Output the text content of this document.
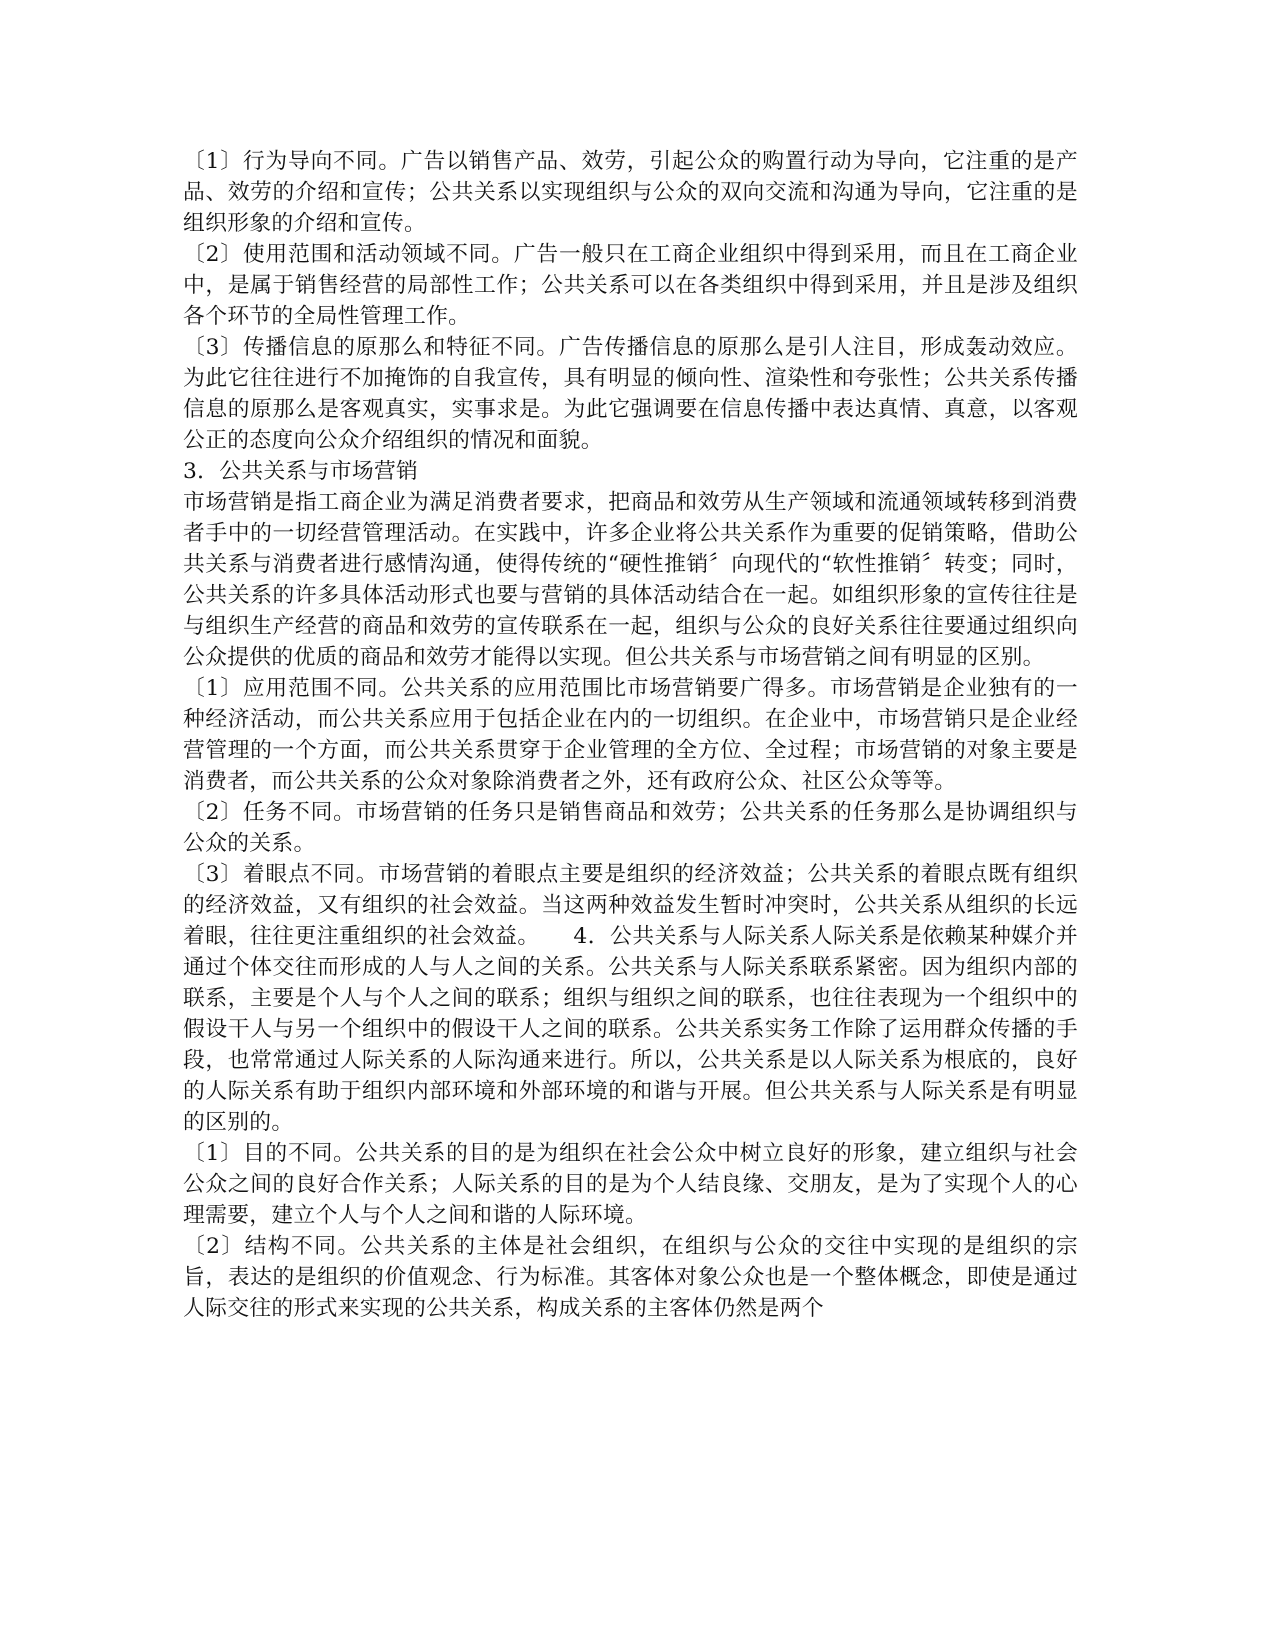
〔1〕行为导向不同。广告以销售产品、效劳，引起公众的购置行动为导向，它注重的是产品、效劳的介绍和宣传；公共关系以实现组织与公众的双向交流和沟通为导向，它注重的是组织形象的介绍和宣传。

〔2〕使用范围和活动领域不同。广告一般只在工商企业组织中得到采用，而且在工商企业中，是属于销售经营的局部性工作；公共关系可以在各类组织中得到采用，并且是涉及组织各个环节的全局性管理工作。

〔3〕传播信息的原那么和特征不同。广告传播信息的原那么是引人注目，形成轰动效应。为此它往往进行不加掩饰的自我宣传，具有明显的倾向性、渲染性和夸张性；公共关系传播信息的原那么是客观真实，实事求是。为此它强调要在信息传播中表达真情、真意，以客观公正的态度向公众介绍组织的情况和面貌。

3．公共关系与市场营销

市场营销是指工商企业为满足消费者要求，把商品和效劳从生产领域和流通领域转移到消费者手中的一切经营管理活动。在实践中，许多企业将公共关系作为重要的促销策略，借助公共关系与消费者进行感情沟通，使得传统的“硬性推销〞向现代的“软性推销〞转变；同时，公共关系的许多具体活动形式也要与营销的具体活动结合在一起。如组织形象的宣传往往是与组织生产经营的商品和效劳的宣传联系在一起，组织与公众的良好关系往往要通过组织向公众提供的优质的商品和效劳才能得以实现。但公共关系与市场营销之间有明显的区别。

〔1〕应用范围不同。公共关系的应用范围比市场营销要广得多。市场营销是企业独有的一种经济活动，而公共关系应用于包括企业在内的一切组织。在企业中，市场营销只是企业经营管理的一个方面，而公共关系贯穿于企业管理的全方位、全过程；市场营销的对象主要是消费者，而公共关系的公众对象除消费者之外，还有政府公众、社区公众等等。

〔2〕任务不同。市场营销的任务只是销售商品和效劳；公共关系的任务那么是协调组织与公众的关系。

〔3〕着眼点不同。市场营销的着眼点主要是组织的经济效益；公共关系的着眼点既有组织的经济效益，又有组织的社会效益。当这两种效益发生暂时冲突时，公共关系从组织的长远着眼，往往更注重组织的社会效益。　　4．公共关系与人际关系人际关系是依赖某种媒介并通过个体交往而形成的人与人之间的关系。公共关系与人际关系联系紧密。因为组织内部的联系，主要是个人与个人之间的联系；组织与组织之间的联系，也往往表现为一个组织中的假设干人与另一个组织中的假设干人之间的联系。公共关系实务工作除了运用群众传播的手段，也常常通过人际关系的人际沟通来进行。所以，公共关系是以人际关系为根底的，良好的人际关系有助于组织内部环境和外部环境的和谐与开展。但公共关系与人际关系是有明显的区别的。

〔1〕目的不同。公共关系的目的是为组织在社会公众中树立良好的形象，建立组织与社会公众之间的良好合作关系；人际关系的目的是为个人结良缘、交朋友，是为了实现个人的心理需要，建立个人与个人之间和谐的人际环境。

〔2〕结构不同。公共关系的主体是社会组织，在组织与公众的交往中实现的是组织的宗旨，表达的是组织的价值观念、行为标准。其客体对象公众也是一个整体概念，即使是通过人际交往的形式来实现的公共关系，构成关系的主客体仍然是两个
